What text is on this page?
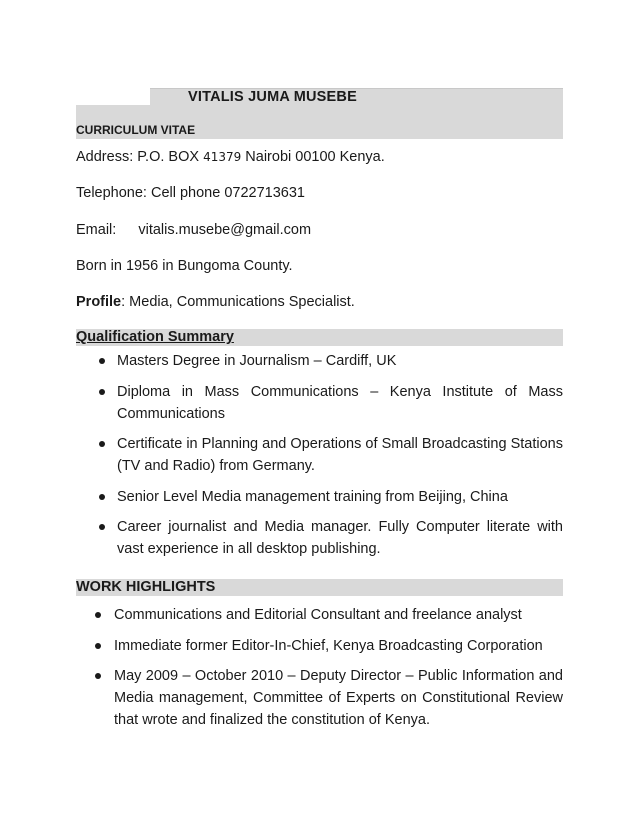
VITALIS JUMA MUSEBE
CURRICULUM VITAE
Address: P.O. BOX 41379 Nairobi 00100 Kenya.
Telephone: Cell phone 0722713631
Email: vitalis.musebe@gmail.com
Born in 1956 in Bungoma County.
Profile: Media, Communications Specialist.
Qualification Summary
Masters Degree in Journalism – Cardiff, UK
Diploma in Mass Communications – Kenya Institute of Mass Communications
Certificate in Planning and Operations of Small Broadcasting Stations (TV and Radio) from Germany.
Senior Level Media management training from Beijing, China
Career journalist and Media manager. Fully Computer literate with vast experience in all desktop publishing.
WORK HIGHLIGHTS
Communications and Editorial Consultant and freelance analyst
Immediate former Editor-In-Chief, Kenya Broadcasting Corporation
May 2009 – October 2010 – Deputy Director – Public Information and Media management, Committee of Experts on Constitutional Review that wrote and finalized the constitution of Kenya.
